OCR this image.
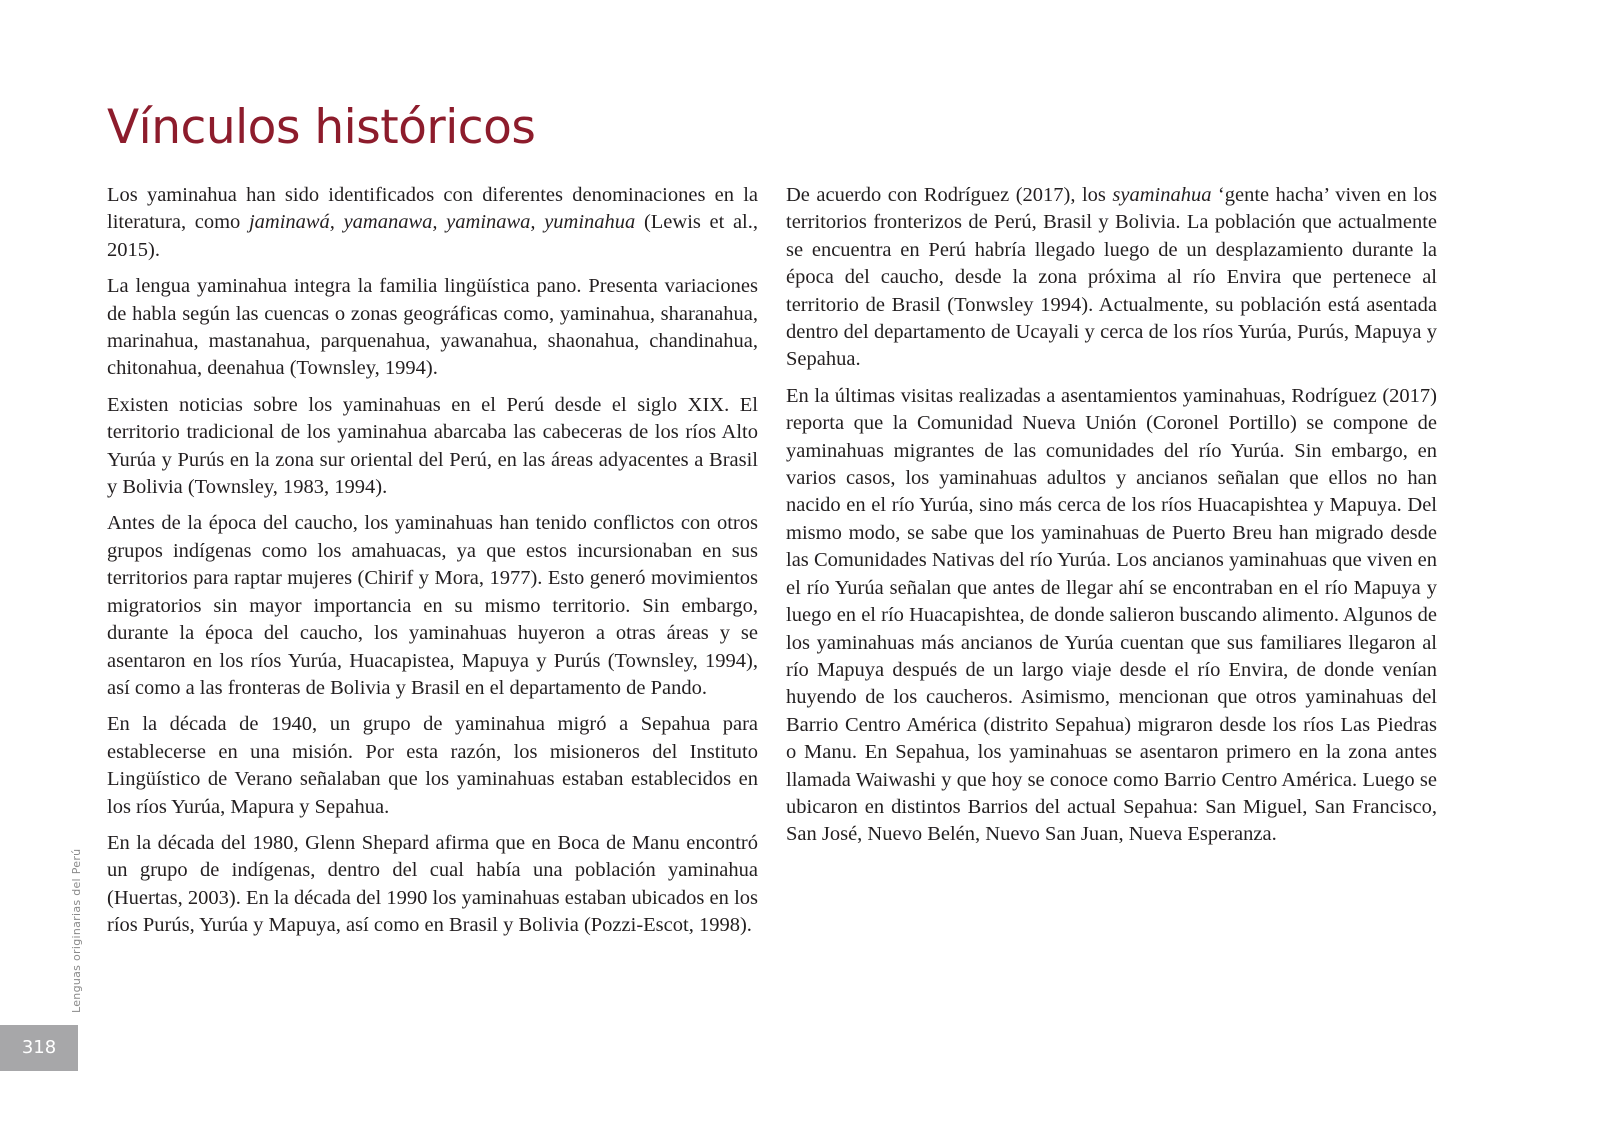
Vínculos históricos

Los yaminahua han sido identificados con diferentes denominaciones en la literatura, como jaminawá, yamanawa, yaminawa, yuminahua (Lewis et al., 2015).

La lengua yaminahua integra la familia lingüística pano. Presenta variaciones de habla según las cuencas o zonas geográficas como, yaminahua, sharanahua, marinahua, mastanahua, parquenahua, yawanahua, shaonahua, chandinahua, chitonahua, deenahua (Townsley, 1994).

Existen noticias sobre los yaminahuas en el Perú desde el siglo XIX. El territorio tradicional de los yaminahua abarcaba las cabeceras de los ríos Alto Yurúa y Purús en la zona sur oriental del Perú, en las áreas adyacentes a Brasil y Bolivia (Townsley, 1983, 1994).

Antes de la época del caucho, los yaminahuas han tenido conflictos con otros grupos indígenas como los amahuacas, ya que estos incursionaban en sus territorios para raptar mujeres (Chirif y Mora, 1977). Esto generó movimientos migratorios sin mayor importancia en su mismo territorio. Sin embargo, durante la época del caucho, los yaminahuas huyeron a otras áreas y se asentaron en los ríos Yurúa, Huacapistea, Mapuya y Purús (Townsley, 1994), así como a las fronteras de Bolivia y Brasil en el departamento de Pando.

En la década de 1940, un grupo de yaminahua migró a Sepahua para establecerse en una misión. Por esta razón, los misioneros del Instituto Lingüístico de Verano señalaban que los yaminahuas estaban establecidos en los ríos Yurúa, Mapura y Sepahua.

En la década del 1980, Glenn Shepard afirma que en Boca de Manu encontró un grupo de indígenas, dentro del cual había una población yaminahua (Huertas, 2003). En la década del 1990 los yaminahuas estaban ubicados en los ríos Purús, Yurúa y Mapuya, así como en Brasil y Bolivia (Pozzi-Escot, 1998).

De acuerdo con Rodríguez (2017), los syaminahua ‘gente hacha’ viven en los territorios fronterizos de Perú, Brasil y Bolivia. La población que actualmente se encuentra en Perú habría llegado luego de un desplazamiento durante la época del caucho, desde la zona próxima al río Envira que pertenece al territorio de Brasil (Tonwsley 1994). Actualmente, su población está asentada dentro del departamento de Ucayali y cerca de los ríos Yurúa, Purús, Mapuya y Sepahua.

En la últimas visitas realizadas a asentamientos yaminahuas, Rodríguez (2017) reporta que la Comunidad Nueva Unión (Coronel Portillo) se compone de yaminahuas migrantes de las comunidades del río Yurúa. Sin embargo, en varios casos, los yaminahuas adultos y ancianos señalan que ellos no han nacido en el río Yurúa, sino más cerca de los ríos Huacapishtea y Mapuya. Del mismo modo, se sabe que los yaminahuas de Puerto Breu han migrado desde las Comunidades Nativas del río Yurúa. Los ancianos yaminahuas que viven en el río Yurúa señalan que antes de llegar ahí se encontraban en el río Mapuya y luego en el río Huacapishtea, de donde salieron buscando alimento. Algunos de los yaminahuas más ancianos de Yurúa cuentan que sus familiares llegaron al río Mapuya después de un largo viaje desde el río Envira, de donde venían huyendo de los caucheros. Asimismo, mencionan que otros yaminahuas del Barrio Centro América (distrito Sepahua) migraron desde los ríos Las Piedras o Manu. En Sepahua, los yaminahuas se asentaron primero en la zona antes llamada Waiwashi y que hoy se conoce como Barrio Centro América. Luego se ubicaron en distintos Barrios del actual Sepahua: San Miguel, San Francisco, San José, Nuevo Belén, Nuevo San Juan, Nueva Esperanza.

Lenguas originarias del Perú
318
